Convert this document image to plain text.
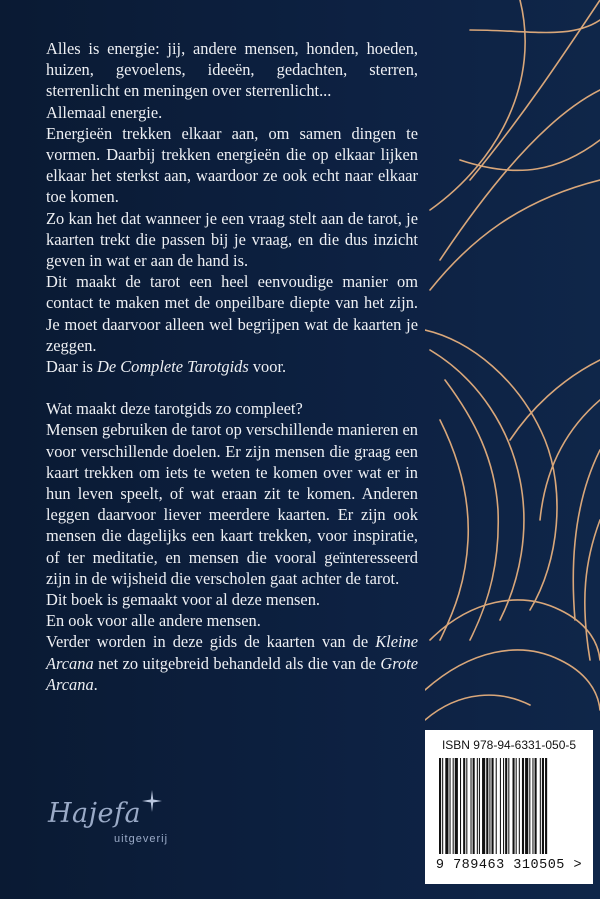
Alles is energie: jij, andere mensen, honden, hoeden, huizen, gevoelens, ideeën, gedachten, sterren, sterrenlicht en meningen over sterrenlicht...

Allemaal energie.

Energieën trekken elkaar aan, om samen dingen te vormen. Daarbij trekken energieën die op elkaar lijken elkaar het sterkst aan, waardoor ze ook echt naar elkaar toe komen.

Zo kan het dat wanneer je een vraag stelt aan de tarot, je kaarten trekt die passen bij je vraag, en die dus inzicht geven in wat er aan de hand is.

Dit maakt de tarot een heel eenvoudige manier om contact te maken met de onpeilbare diepte van het zijn. Je moet daarvoor alleen wel begrijpen wat de kaarten je zeggen.

Daar is De Complete Tarotgids voor.

Wat maakt deze tarotgids zo compleet?

Mensen gebruiken de tarot op verschillende manieren en voor verschillende doelen. Er zijn mensen die graag een kaart trekken om iets te weten te komen over wat er in hun leven speelt, of wat eraan zit te komen. Anderen leggen daarvoor liever meerdere kaarten. Er zijn ook mensen die dagelijks een kaart trekken, voor inspiratie, of ter meditatie, en mensen die vooral geïnteresseerd zijn in de wijsheid die verscholen gaat achter de tarot.

Dit boek is gemaakt voor al deze mensen.

En ook voor alle andere mensen.

Verder worden in deze gids de kaarten van de Kleine Arcana net zo uitgebreid behandeld als die van de Grote Arcana.

Hajefa
uitgeverij
ISBN 978-94-6331-050-5
9 789463 310505 >
